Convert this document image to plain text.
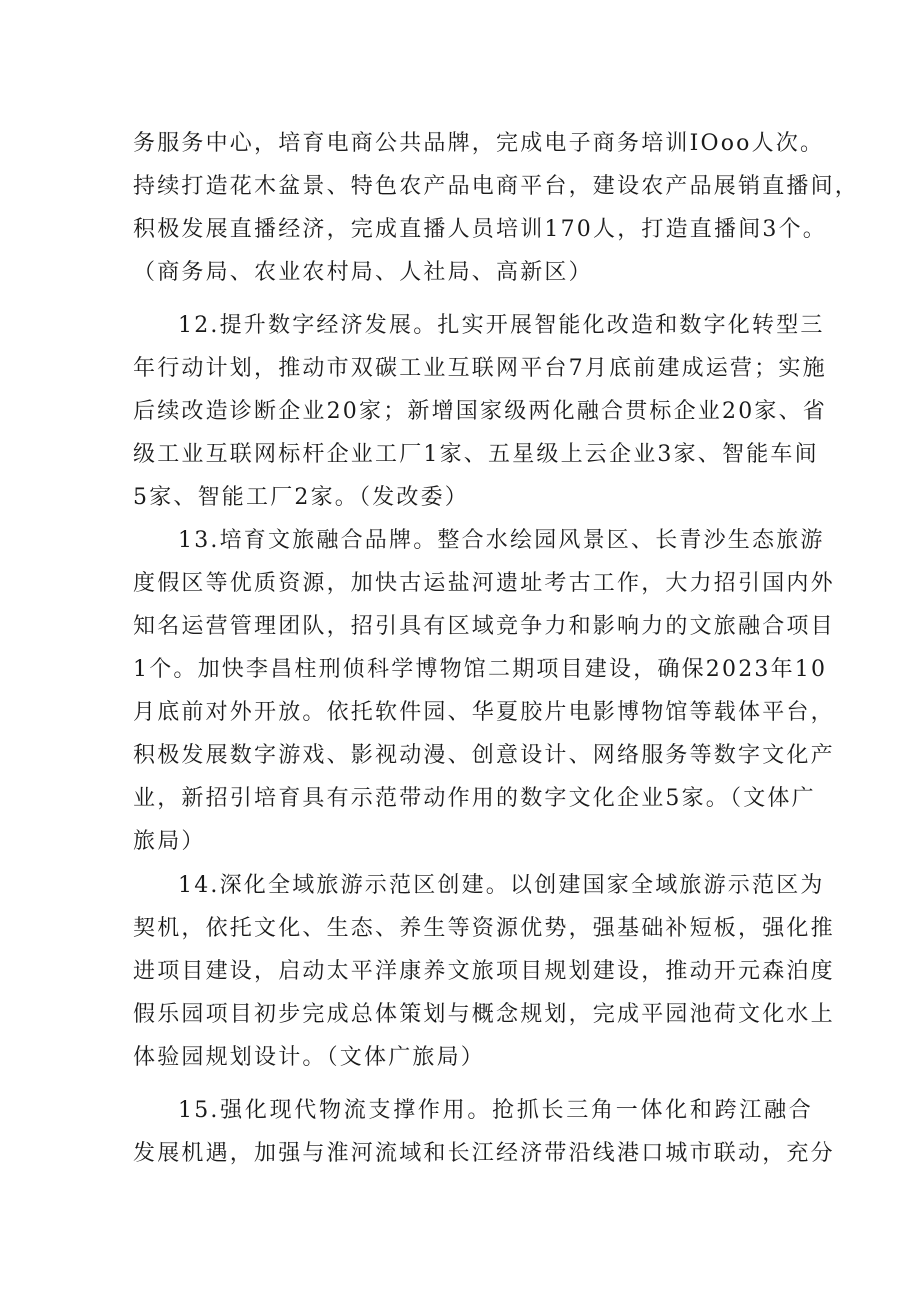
务服务中心，培育电商公共品牌，完成电子商务培训IOoo人次。
持续打造花木盆景、特色农产品电商平台，建设农产品展销直播间，
积极发展直播经济，完成直播人员培训170人，打造直播间3个。
（商务局、农业农村局、人社局、高新区）
12.提升数字经济发展。扎实开展智能化改造和数字化转型三
年行动计划，推动市双碳工业互联网平台7月底前建成运营；实施
后续改造诊断企业20家；新增国家级两化融合贯标企业20家、省
级工业互联网标杆企业工厂1家、五星级上云企业3家、智能车间
5家、智能工厂2家。（发改委）
13.培育文旅融合品牌。整合水绘园风景区、长青沙生态旅游
度假区等优质资源，加快古运盐河遗址考古工作，大力招引国内外
知名运营管理团队，招引具有区域竞争力和影响力的文旅融合项目
1个。加快李昌柱刑侦科学博物馆二期项目建设，确保2023年10
月底前对外开放。依托软件园、华夏胶片电影博物馆等载体平台，
积极发展数字游戏、影视动漫、创意设计、网络服务等数字文化产
业，新招引培育具有示范带动作用的数字文化企业5家。（文体广
旅局）
14.深化全域旅游示范区创建。以创建国家全域旅游示范区为
契机，依托文化、生态、养生等资源优势，强基础补短板，强化推
进项目建设，启动太平洋康养文旅项目规划建设，推动开元森泊度
假乐园项目初步完成总体策划与概念规划，完成平园池荷文化水上
体验园规划设计。（文体广旅局）
15.强化现代物流支撑作用。抢抓长三角一体化和跨江融合
发展机遇，加强与淮河流域和长江经济带沿线港口城市联动，充分
